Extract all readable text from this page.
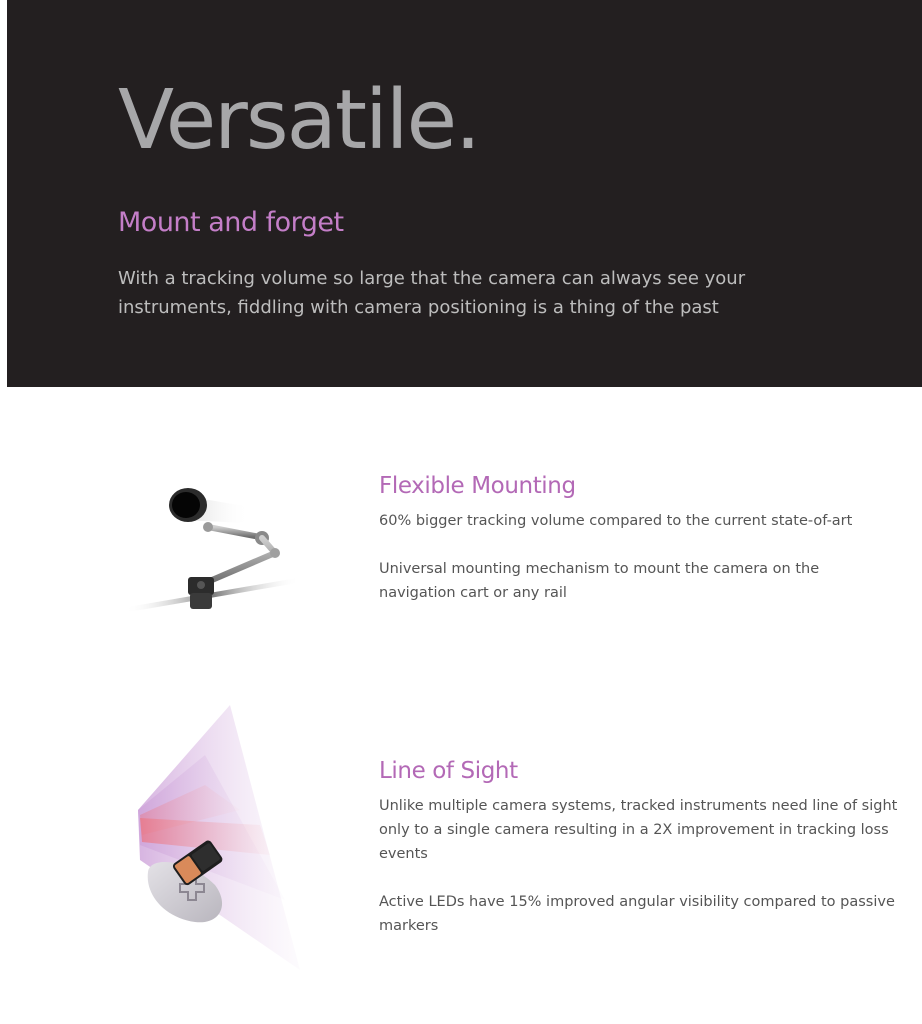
Versatile.
Mount and forget

With a tracking volume so large that the camera can always see your instruments, fiddling with camera positioning is a thing of the past

Flexible Mounting

60% bigger tracking volume compared to the current state-of-art

Universal mounting mechanism to mount the camera on the navigation cart or any rail

Line of Sight

Unlike multiple camera systems, tracked instruments need line of sight only to a single camera resulting in a 2X improvement in tracking loss events

Active LEDs have 15% improved angular visibility compared to passive markers
